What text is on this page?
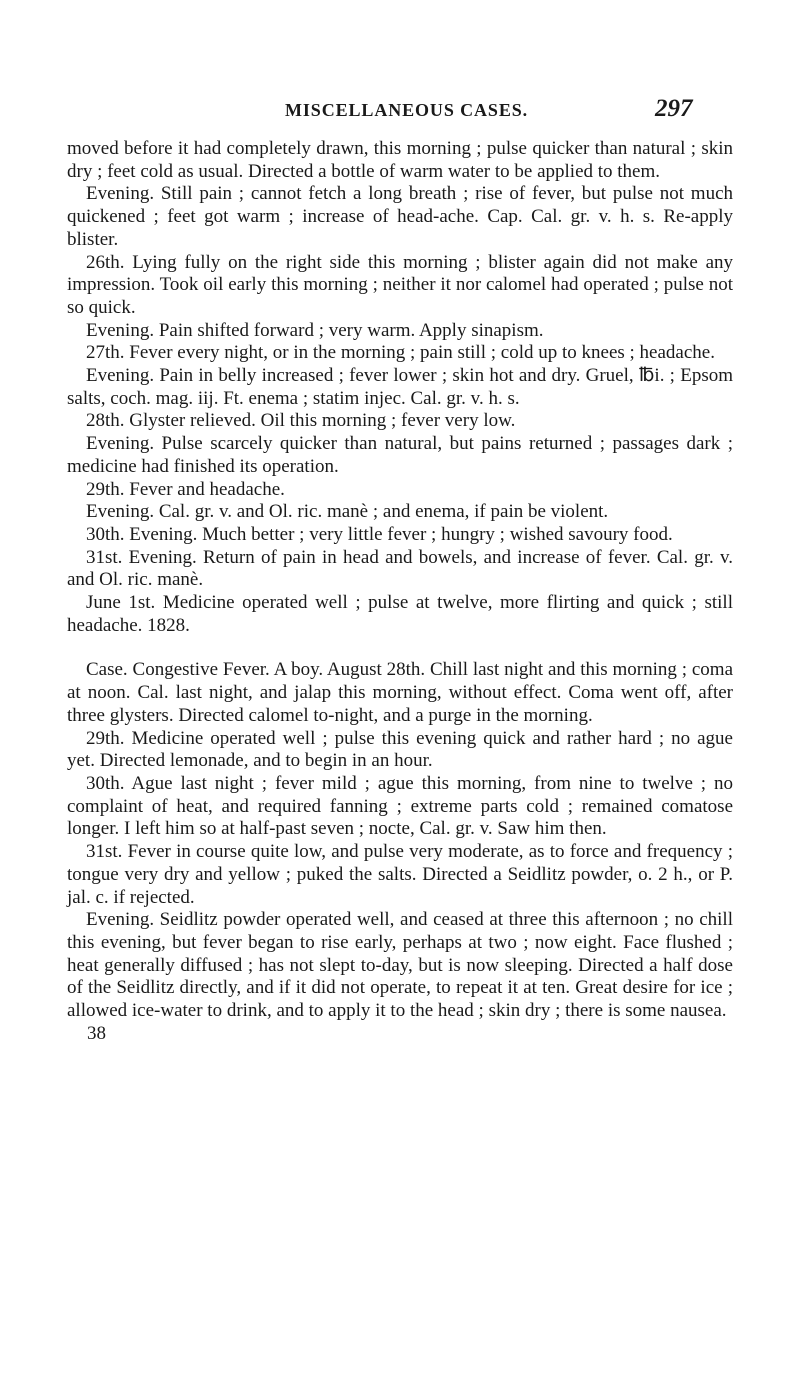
MISCELLANEOUS CASES.	297

moved before it had completely drawn, this morning ; pulse quicker than natural ; skin dry ; feet cold as usual. Directed a bottle of warm water to be applied to them.

Evening. Still pain ; cannot fetch a long breath ; rise of fever, but pulse not much quickened ; feet got warm ; increase of head-ache. Cap. Cal. gr. v. h. s. Re-apply blister.

26th. Lying fully on the right side this morning ; blister again did not make any impression. Took oil early this morning ; neither it nor calomel had operated ; pulse not so quick.

Evening. Pain shifted forward ; very warm. Apply sinapism.

27th. Fever every night, or in the morning ; pain still ; cold up to knees ; headache.

Evening. Pain in belly increased ; fever lower ; skin hot and dry. Gruel, ℔i. ; Epsom salts, coch. mag. iij. Ft. enema ; statim injec. Cal. gr. v. h. s.

28th. Glyster relieved. Oil this morning ; fever very low.

Evening. Pulse scarcely quicker than natural, but pains returned ; passages dark ; medicine had finished its operation.

29th. Fever and headache.

Evening. Cal. gr. v. and Ol. ric. manè ; and enema, if pain be violent.

30th. Evening. Much better ; very little fever ; hungry ; wished savoury food.

31st. Evening. Return of pain in head and bowels, and increase of fever. Cal. gr. v. and Ol. ric. manè.

June 1st. Medicine operated well ; pulse at twelve, more flirting and quick ; still headache. 1828.

Case. Congestive Fever. A boy. August 28th. Chill last night and this morning ; coma at noon. Cal. last night, and jalap this morning, without effect. Coma went off, after three glysters. Directed calomel to-night, and a purge in the morning.

29th. Medicine operated well ; pulse this evening quick and rather hard ; no ague yet. Directed lemonade, and to begin in an hour.

30th. Ague last night ; fever mild ; ague this morning, from nine to twelve ; no complaint of heat, and required fanning ; extreme parts cold ; remained comatose longer. I left him so at half-past seven ; nocte, Cal. gr. v. Saw him then.

31st. Fever in course quite low, and pulse very moderate, as to force and frequency ; tongue very dry and yellow ; puked the salts. Directed a Seidlitz powder, o. 2 h., or P. jal. c. if rejected.

Evening. Seidlitz powder operated well, and ceased at three this afternoon ; no chill this evening, but fever began to rise early, perhaps at two ; now eight. Face flushed ; heat generally diffused ; has not slept to-day, but is now sleeping. Directed a half dose of the Seidlitz directly, and if it did not operate, to repeat it at ten. Great desire for ice ; allowed ice-water to drink, and to apply it to the head ; skin dry ; there is some nausea.

38
